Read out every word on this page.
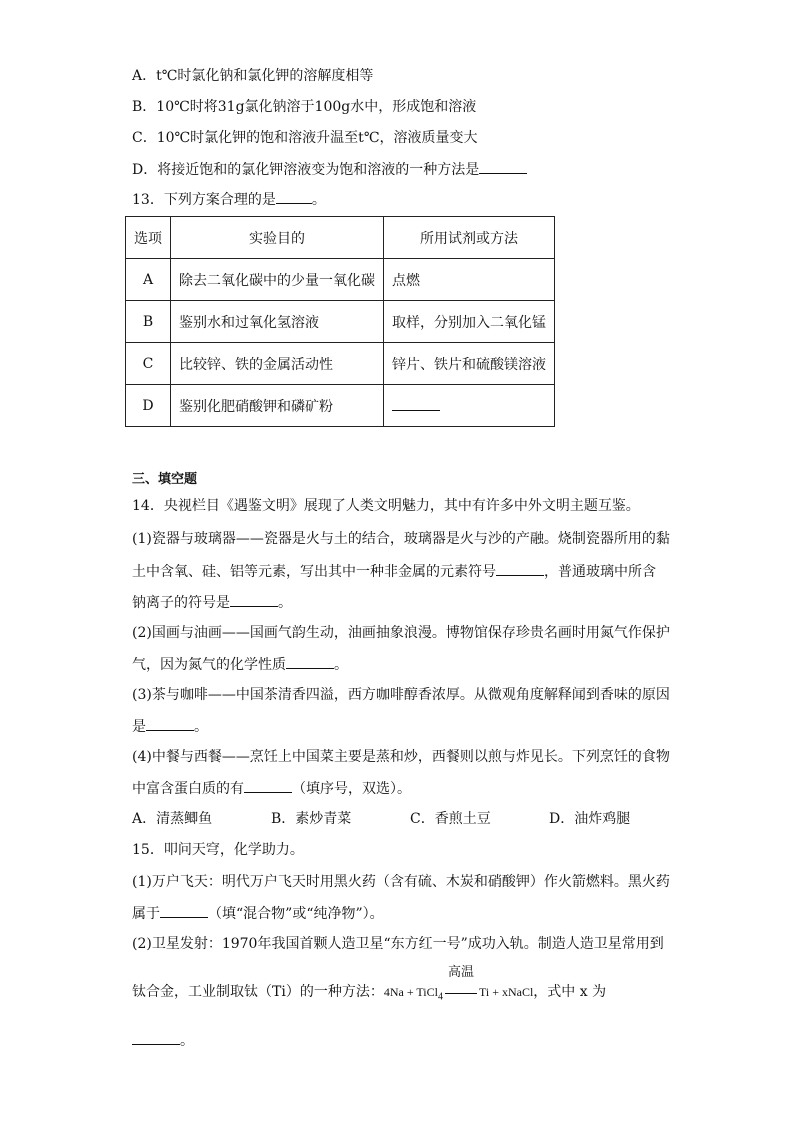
A．t℃时氯化钠和氯化钾的溶解度相等
B．10℃时将31g氯化钠溶于100g水中，形成饱和溶液
C．10℃时氯化钾的饱和溶液升温至t℃，溶液质量变大
D．将接近饱和的氯化钾溶液变为饱和溶液的一种方法是
13．下列方案合理的是	。
选项	实验目的	所用试剂或方法
A	除去二氧化碳中的少量一氧化碳	点燃
B	鉴别水和过氧化氢溶液	取样，分别加入二氧化锰
C	比较锌、铁的金属活动性	锌片、铁片和硫酸镁溶液
D	鉴别化肥硝酸钾和磷矿粉	
三、填空题
14．央视栏目《遇鉴文明》展现了人类文明魅力，其中有许多中外文明主题互鉴。
(1)瓷器与玻璃器——瓷器是火与土的结合，玻璃器是火与沙的产融。烧制瓷器所用的黏
土中含氧、硅、铝等元素，写出其中一种非金属的元素符号	，普通玻璃中所含
钠离子的符号是	。
(2)国画与油画——国画气韵生动，油画抽象浪漫。博物馆保存珍贵名画时用氮气作保护
气，因为氮气的化学性质	。
(3)茶与咖啡——中国茶清香四溢，西方咖啡醇香浓厚。从微观角度解释闻到香味的原因
是	。
(4)中餐与西餐——烹饪上中国菜主要是蒸和炒，西餐则以煎与炸见长。下列烹饪的食物
中富含蛋白质的有	（填序号，双选）。
A．清蒸鲫鱼	B．素炒青菜	C．香煎土豆	D．油炸鸡腿
15．叩问天穹，化学助力。
(1)万户飞天：明代万户飞天时用黑火药（含有硫、木炭和硝酸钾）作火箭燃料。黑火药
属于	（填“混合物”或“纯净物”）。
(2)卫星发射：1970年我国首颗人造卫星“东方红一号”成功入轨。制造人造卫星常用到
钛合金，工业制取钛（Ti）的一种方法：4Na + TiCl$_4$
高温
Ti + xNaCl，式中 x 为
。
